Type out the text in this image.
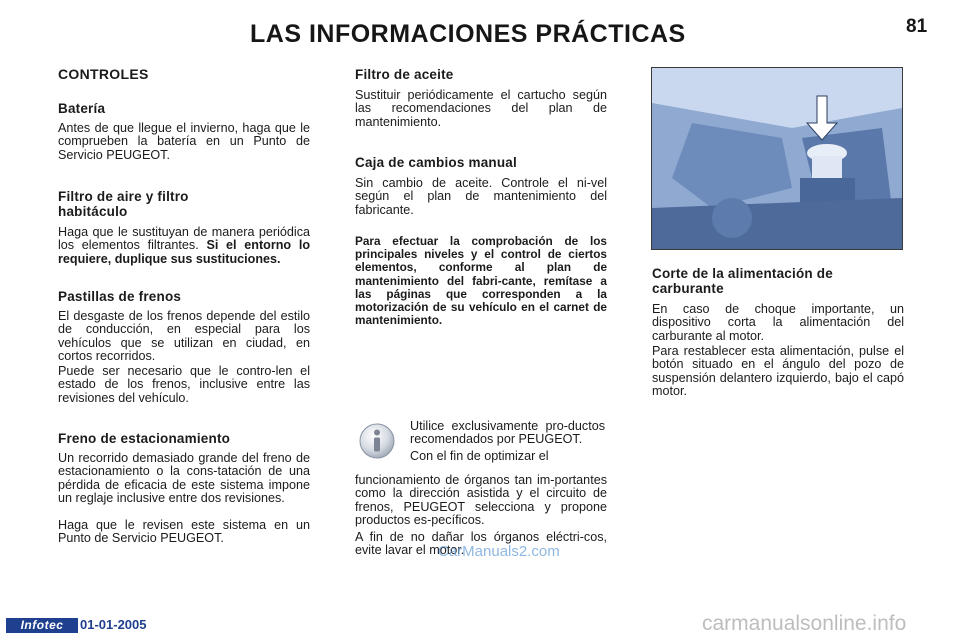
LAS INFORMACIONES PRÁCTICAS	81
CONTROLES
Batería
Antes de que llegue el invierno, haga que le comprueben la batería en un Punto de Servicio PEUGEOT.
Filtro de aire y filtro habitáculo
Haga que le sustituyan de manera periódica los elementos filtrantes. Si el entorno lo requiere, duplique sus sustituciones.
Pastillas de frenos
El desgaste de los frenos depende del estilo de conducción, en especial para los vehículos que se utilizan en ciudad, en cortos recorridos.
Puede ser necesario que le contro-len el estado de los frenos, inclusive entre las revisiones del vehículo.
Freno de estacionamiento
Un recorrido demasiado grande del freno de estacionamiento o la cons-tatación de una pérdida de eficacia de este sistema impone un reglaje inclusive entre dos revisiones.
Haga que le revisen este sistema en un Punto de Servicio PEUGEOT.
Filtro de aceite
Sustituir periódicamente el cartucho según las recomendaciones del plan de mantenimiento.
Caja de cambios manual
Sin cambio de aceite. Controle el ni-vel según el plan de mantenimiento del fabricante.
Para efectuar la comprobación de los principales niveles y el control de ciertos elementos, conforme al plan de mantenimiento del fabri-cante, remítase a las páginas que corresponden a la motorización de su vehículo en el carnet de mantenimiento.
Utilice exclusivamente pro-ductos recomendados por PEUGEOT.
Con el fin de optimizar el
funcionamiento de órganos tan im-portantes como la dirección asistida y el circuito de frenos, PEUGEOT selecciona y propone productos es-pecíficos.
A fin de no dañar los órganos eléctri-cos, evite lavar el motor.
CarManuals2.com
Corte de la alimentación de carburante
En caso de choque importante, un dispositivo corta la alimentación del carburante al motor.
Para restablecer esta alimentación, pulse el botón situado en el ángulo del pozo de suspensión delantero izquierdo, bajo el capó motor.
Infotec	01-01-2005	carmanualsonline.info
